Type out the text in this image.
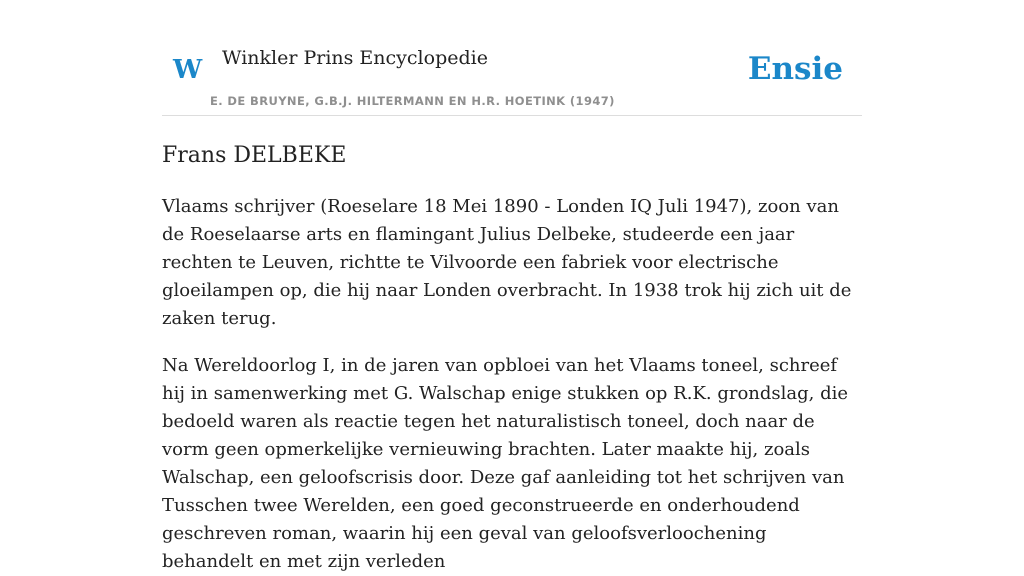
W Winkler Prins Encyclopedie
E. DE BRUYNE, G.B.J. HILTERMANN EN H.R. HOETINK (1947)
Ensie
Frans DELBEKE

Vlaams schrijver (Roeselare 18 Mei 1890 - Londen IQ Juli 1947), zoon van de Roeselaarse arts en flamingant Julius Delbeke, studeerde een jaar rechten te Leuven, richtte te Vilvoorde een fabriek voor electrische gloeilampen op, die hij naar Londen overbracht. In 1938 trok hij zich uit de zaken terug.

Na Wereldoorlog I, in de jaren van opbloei van het Vlaams toneel, schreef hij in samenwerking met G. Walschap enige stukken op R.K. grondslag, die bedoeld waren als reactie tegen het naturalistisch toneel, doch naar de vorm geen opmerkelijke vernieuwing brachten. Later maakte hij, zoals Walschap, een geloofscrisis door. Deze gaf aanleiding tot het schrijven van Tusschen twee Werelden, een goed geconstrueerde en onderhoudend geschreven roman, waarin hij een geval van geloofsverloochening behandelt en met zijn verleden
